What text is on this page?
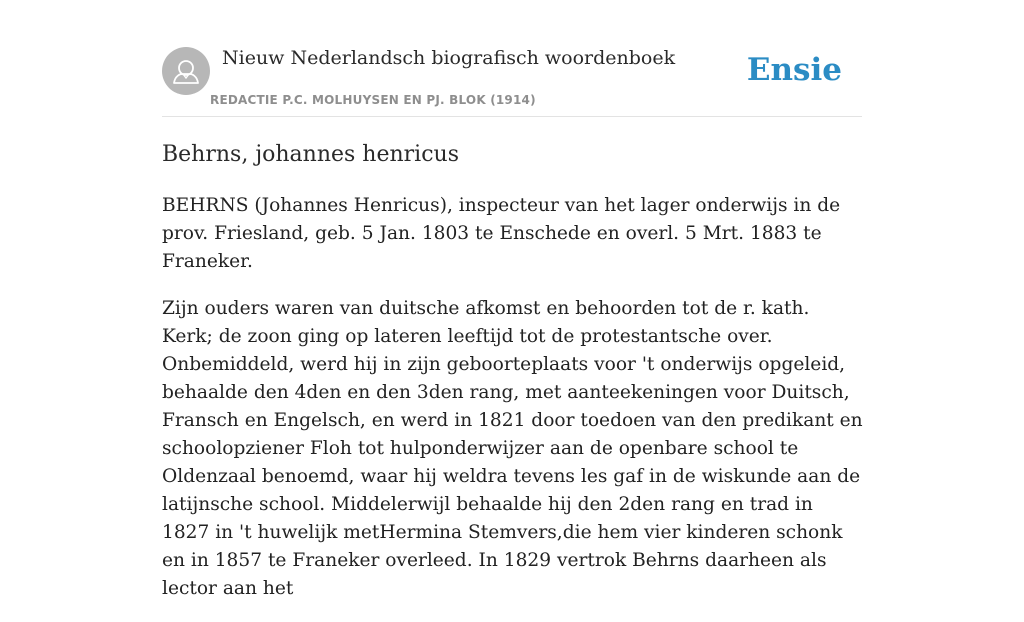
Nieuw Nederlandsch biografisch woordenboek
REDACTIE P.C. MOLHUYSEN EN PJ. BLOK (1914)
Ensie
Behrns, johannes henricus

BEHRNS (Johannes Henricus), inspecteur van het lager onderwijs in de prov. Friesland, geb. 5 Jan. 1803 te Enschede en overl. 5 Mrt. 1883 te Franeker.

Zijn ouders waren van duitsche afkomst en behoorden tot de r. kath. Kerk; de zoon ging op lateren leeftijd tot de protestantsche over. Onbemiddeld, werd hij in zijn geboorteplaats voor 't onderwijs opgeleid, behaalde den 4den en den 3den rang, met aanteekeningen voor Duitsch, Fransch en Engelsch, en werd in 1821 door toedoen van den predikant en schoolopziener Floh tot hulponderwijzer aan de openbare school te Oldenzaal benoemd, waar hij weldra tevens les gaf in de wiskunde aan de latijnsche school. Middelerwijl behaalde hij den 2den rang en trad in 1827 in 't huwelijk metHermina Stemvers,die hem vier kinderen schonk en in 1857 te Franeker overleed. In 1829 vertrok Behrns daarheen als lector aan het
